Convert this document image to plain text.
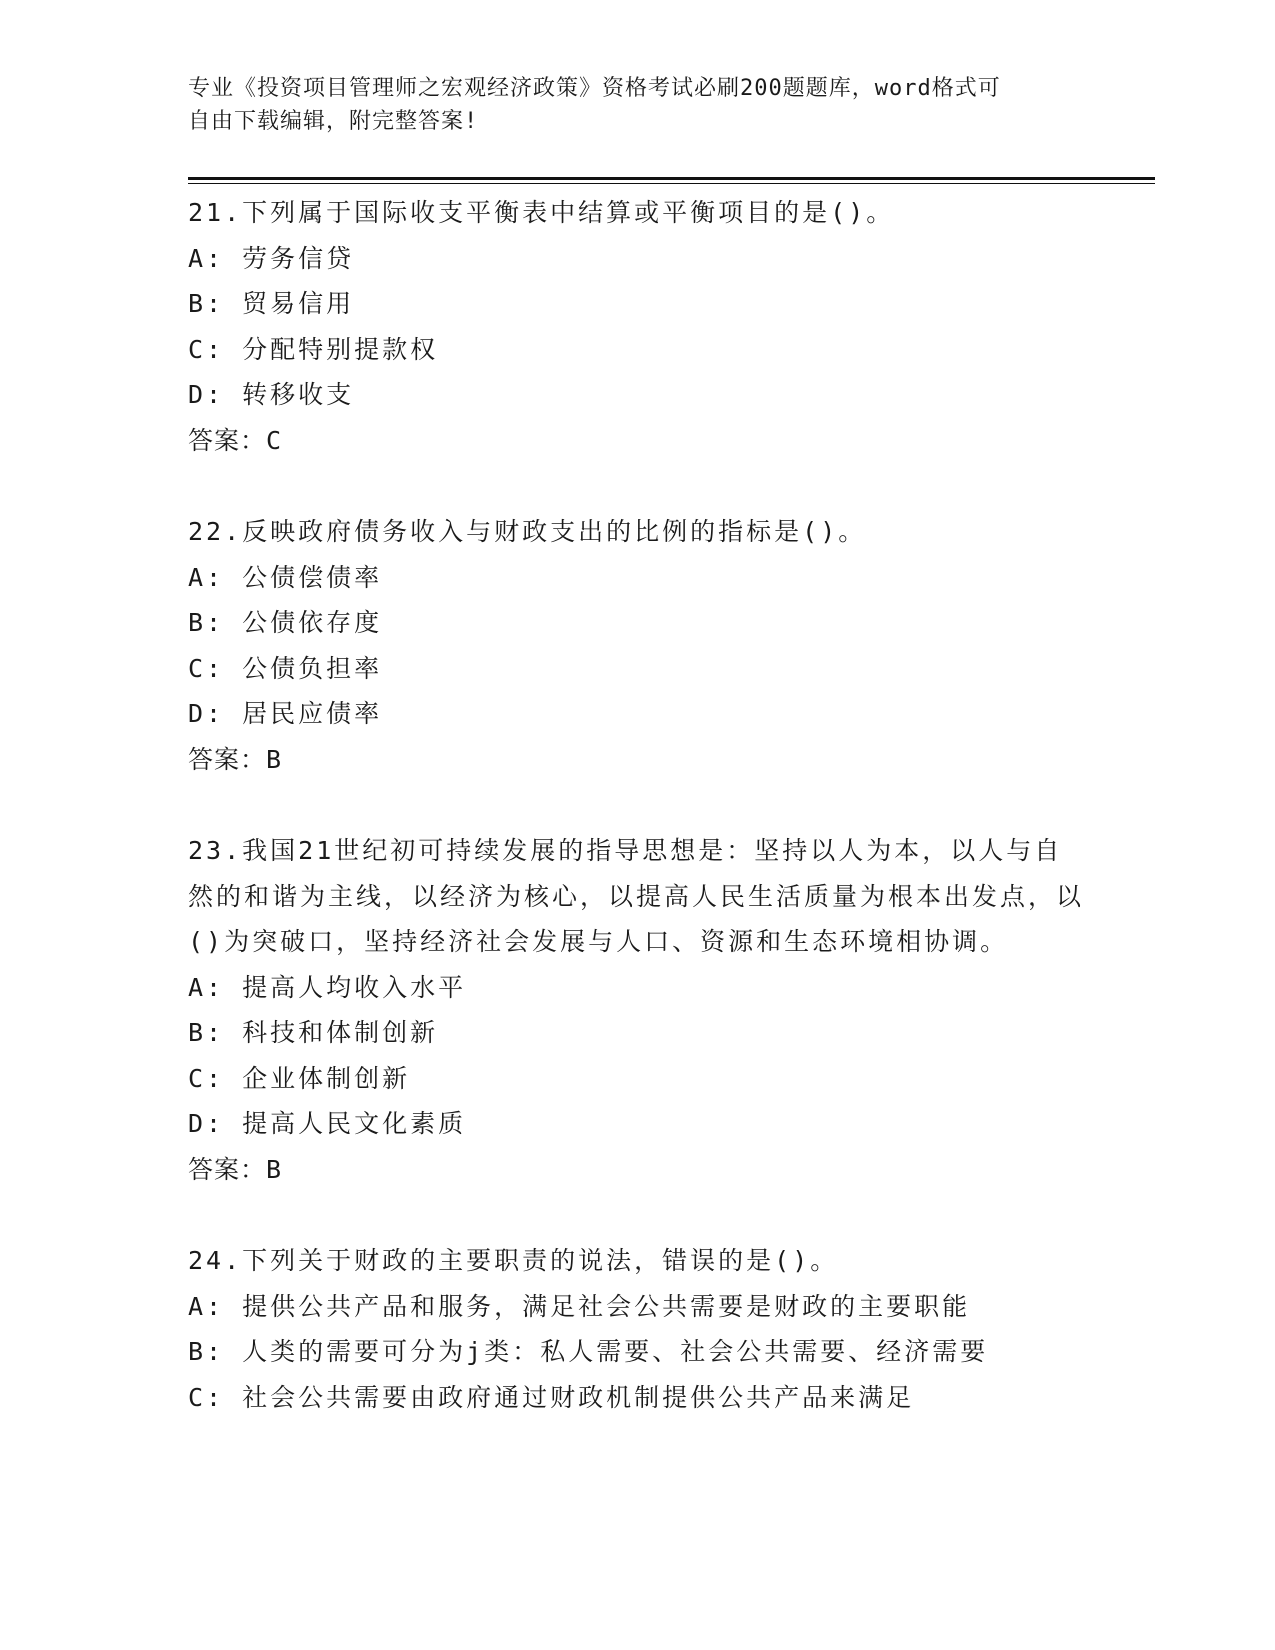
专业《投资项目管理师之宏观经济政策》资格考试必刷200题题库，word格式可
自由下载编辑，附完整答案!
21.下列属于国际收支平衡表中结算或平衡项目的是()。
A: 劳务信贷
B: 贸易信用
C: 分配特别提款权
D: 转移收支
答案：C
22.反映政府债务收入与财政支出的比例的指标是()。
A: 公债偿债率
B: 公债依存度
C: 公债负担率
D: 居民应债率
答案：B
23.我国21世纪初可持续发展的指导思想是：坚持以人为本，以人与自然的和谐为主线，以经济为核心，以提高人民生活质量为根本出发点，以()为突破口，坚持经济社会发展与人口、资源和生态环境相协调。
A: 提高人均收入水平
B: 科技和体制创新
C: 企业体制创新
D: 提高人民文化素质
答案：B
24.下列关于财政的主要职责的说法，错误的是()。
A: 提供公共产品和服务，满足社会公共需要是财政的主要职能
B: 人类的需要可分为j类：私人需要、社会公共需要、经济需要
C: 社会公共需要由政府通过财政机制提供公共产品来满足
